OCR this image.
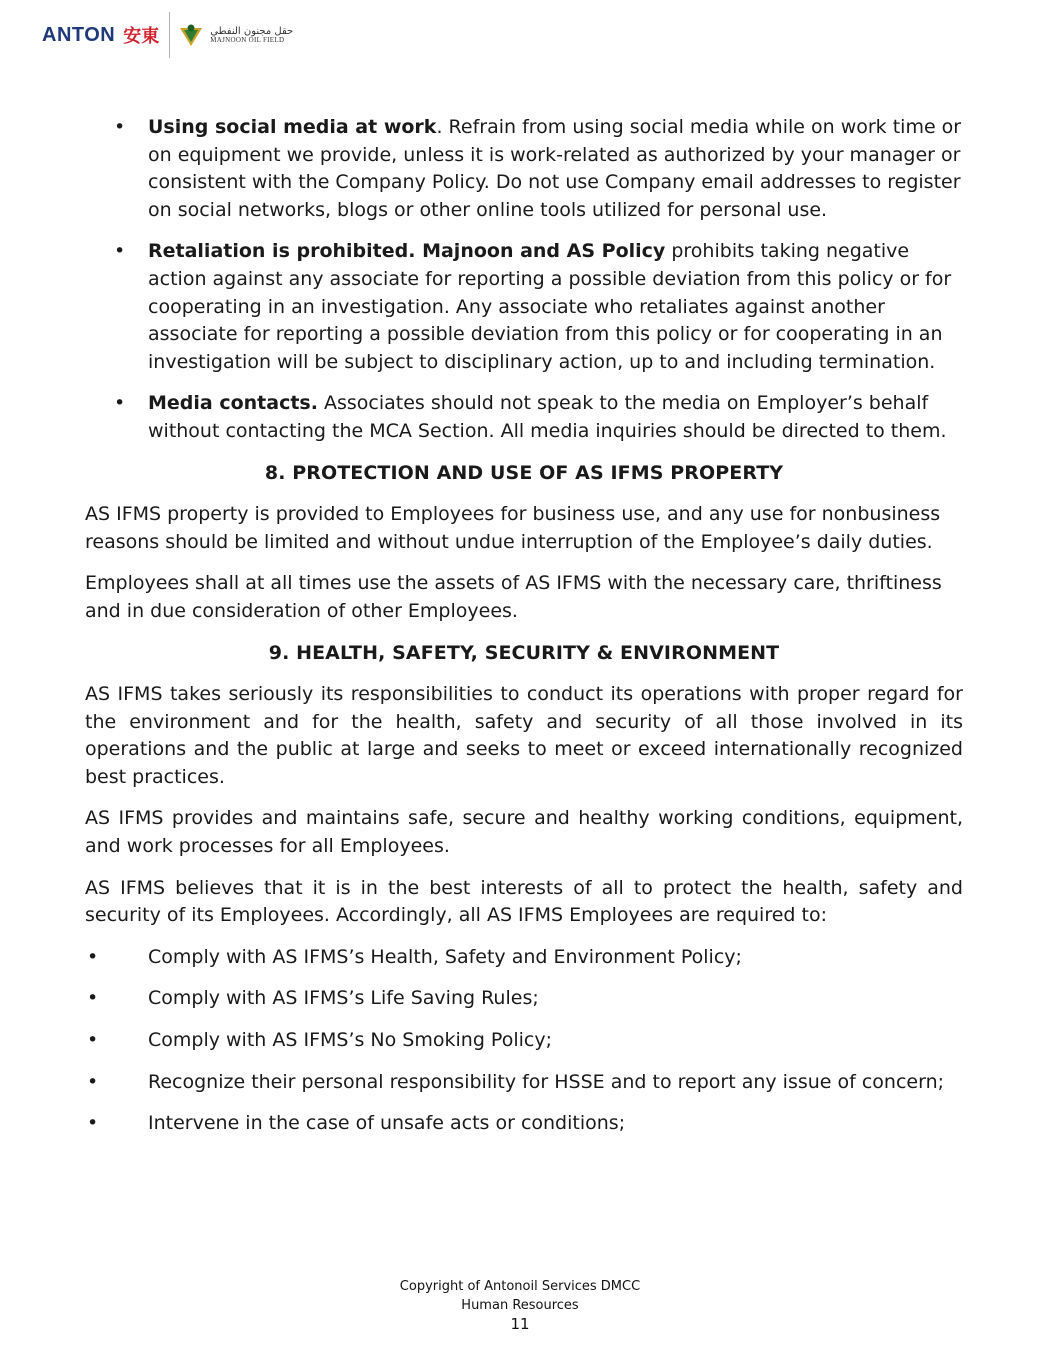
ANTON 安東	حقل مجنون النفطي
MAJNOON OIL FIELD
• Using social media at work. Refrain from using social media while on work time or on equipment we provide, unless it is work-related as authorized by your manager or consistent with the Company Policy. Do not use Company email addresses to register on social networks, blogs or other online tools utilized for personal use.
• Retaliation is prohibited. Majnoon and AS Policy prohibits taking negative action against any associate for reporting a possible deviation from this policy or for cooperating in an investigation. Any associate who retaliates against another associate for reporting a possible deviation from this policy or for cooperating in an investigation will be subject to disciplinary action, up to and including termination.
• Media contacts. Associates should not speak to the media on Employer’s behalf without contacting the MCA Section. All media inquiries should be directed to them.
8. PROTECTION AND USE OF AS IFMS PROPERTY

AS IFMS property is provided to Employees for business use, and any use for nonbusiness reasons should be limited and without undue interruption of the Employee’s daily duties.

Employees shall at all times use the assets of AS IFMS with the necessary care, thriftiness and in due consideration of other Employees.

9. HEALTH, SAFETY, SECURITY & ENVIRONMENT

AS IFMS takes seriously its responsibilities to conduct its operations with proper regard for the environment and for the health, safety and security of all those involved in its operations and the public at large and seeks to meet or exceed internationally recognized best practices.

AS IFMS provides and maintains safe, secure and healthy working conditions, equipment, and work processes for all Employees.

AS IFMS believes that it is in the best interests of all to protect the health, safety and security of its Employees. Accordingly, all AS IFMS Employees are required to:

•	Comply with AS IFMS’s Health, Safety and Environment Policy;
•	Comply with AS IFMS’s Life Saving Rules;
•	Comply with AS IFMS’s No Smoking Policy;
•	Recognize their personal responsibility for HSSE and to report any issue of concern;
•	Intervene in the case of unsafe acts or conditions;
Copyright of Antonoil Services DMCC
Human Resources
11
